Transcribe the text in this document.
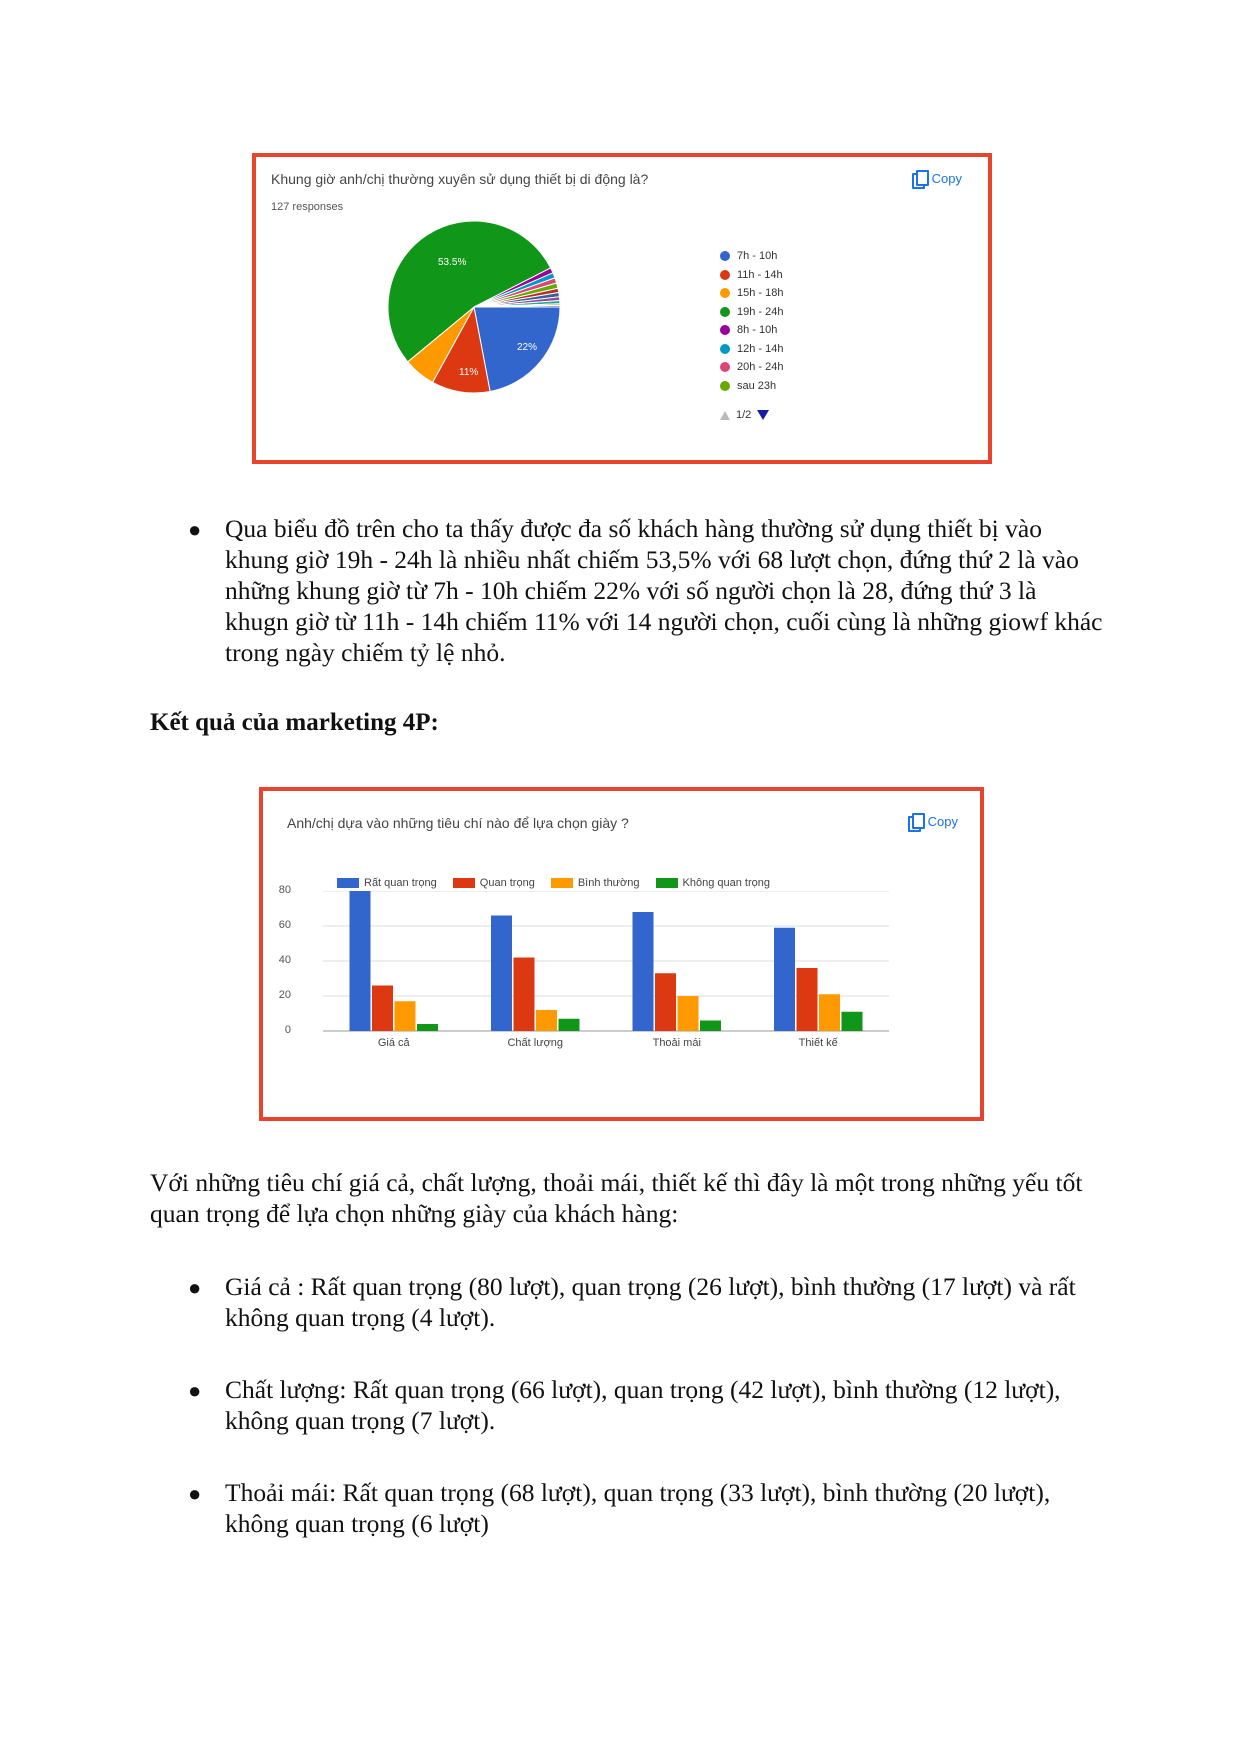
Khung giờ anh/chị thường xuyên sử dụng thiết bị di động là?
127 responses
Copy
53.5%
22%
11%
7h - 10h
11h - 14h
15h - 18h
19h - 24h
8h - 10h
12h - 14h
20h - 24h
sau 23h
1/2
● Qua biểu đồ trên cho ta thấy được đa số khách hàng thường sử dụng thiết bị vào khung giờ 19h - 24h là nhiều nhất chiếm 53,5% với 68 lượt chọn, đứng thứ 2 là vào những khung giờ từ 7h - 10h chiếm 22% với số người chọn là 28, đứng thứ 3 là khugn giờ từ 11h - 14h chiếm 11% với 14 người chọn, cuối cùng là những giowf khác trong ngày chiếm tỷ lệ nhỏ.
Kết quả của marketing 4P:
Anh/chị dựa vào những tiêu chí nào để lựa chọn giày ?	Copy
Rất quan trọng	Quan trọng	Bình thường	Không quan trọng
0
20
40
60
80
Giá cả	Chất lượng	Thoải mái	Thiết kế
Với những tiêu chí giá cả, chất lượng, thoải mái, thiết kế thì đây là một trong những yếu tốt quan trọng để lựa chọn những giày của khách hàng:
● Giá cả : Rất quan trọng (80 lượt), quan trọng (26 lượt), bình thường (17 lượt) và rất không quan trọng (4 lượt).
● Chất lượng: Rất quan trọng (66 lượt), quan trọng (42 lượt), bình thường (12 lượt), không quan trọng (7 lượt).
● Thoải mái: Rất quan trọng (68 lượt), quan trọng (33 lượt), bình thường (20 lượt), không quan trọng (6 lượt)
